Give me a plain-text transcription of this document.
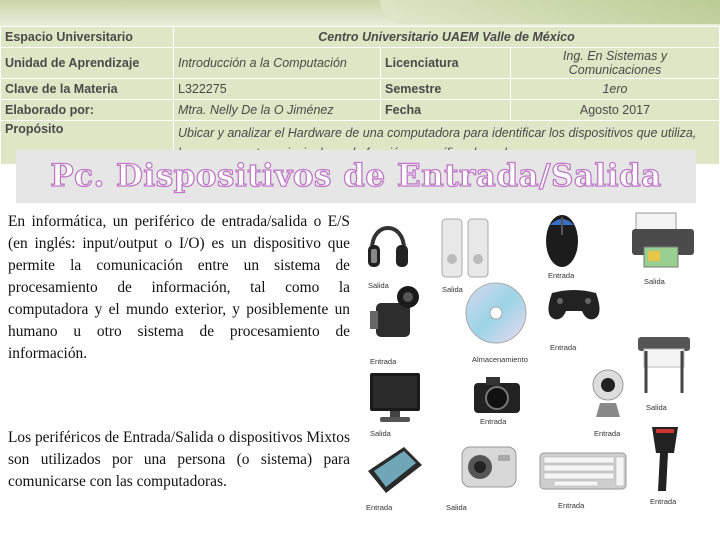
Espacio Universitario	Centro Universitario UAEM Valle de México		
Unidad de Aprendizaje	Introducción a la Computación	Licenciatura	Ing. En Sistemas y Comunicaciones
Clave de la Materia	L322275	Semestre	1ero
Elaborado por:	Mtra. Nelly De la O Jiménez	Fecha	Agosto 2017
Propósito	Ubicar y analizar el Hardware de una computadora para identificar los dispositivos que utiliza,		
Pc. Dispositivos de Entrada/Salida

En informática, un periférico de entrada/salida o E/S (en inglés: input/output o I/O) es un dispositivo que permite la comunicación entre un sistema de procesamiento de información, tal como la computadora y el mundo exterior, y posiblemente un humano u otro sistema de procesamiento de información.

Los periféricos de Entrada/Salida o dispositivos Mixtos son utilizados por una persona (o sistema) para comunicarse con las computadoras.

Salida	Salida
Entrada
Salida
Entrada	Almacenamiento
Entrada
Salida
Salida
Entrada
Entrada
Entrada	Salida	Entrada	Entrada
